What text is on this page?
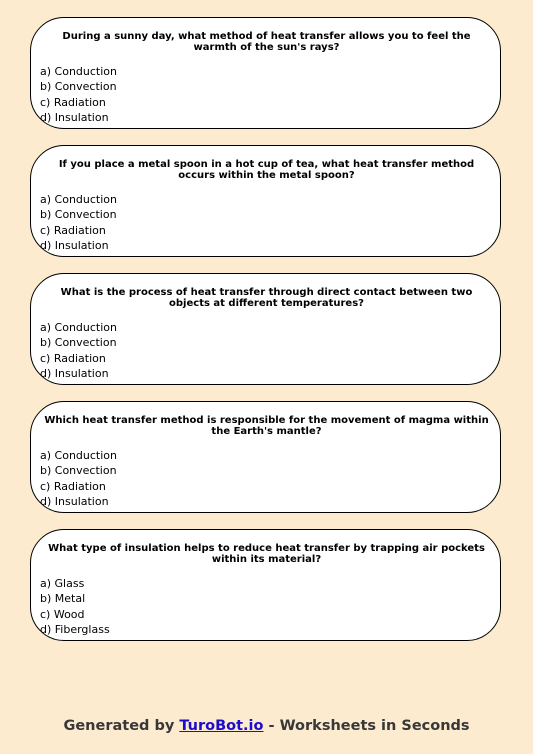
During a sunny day, what method of heat transfer allows you to feel the warmth of the sun's rays?

a) Conduction
b) Convection
c) Radiation
d) Insulation

If you place a metal spoon in a hot cup of tea, what heat transfer method occurs within the metal spoon?

a) Conduction
b) Convection
c) Radiation
d) Insulation

What is the process of heat transfer through direct contact between two objects at different temperatures?

a) Conduction
b) Convection
c) Radiation
d) Insulation

Which heat transfer method is responsible for the movement of magma within the Earth's mantle?

a) Conduction
b) Convection
c) Radiation
d) Insulation

What type of insulation helps to reduce heat transfer by trapping air pockets within its material?

a) Glass
b) Metal
c) Wood
d) Fiberglass
Generated by TuroBot.io - Worksheets in Seconds
